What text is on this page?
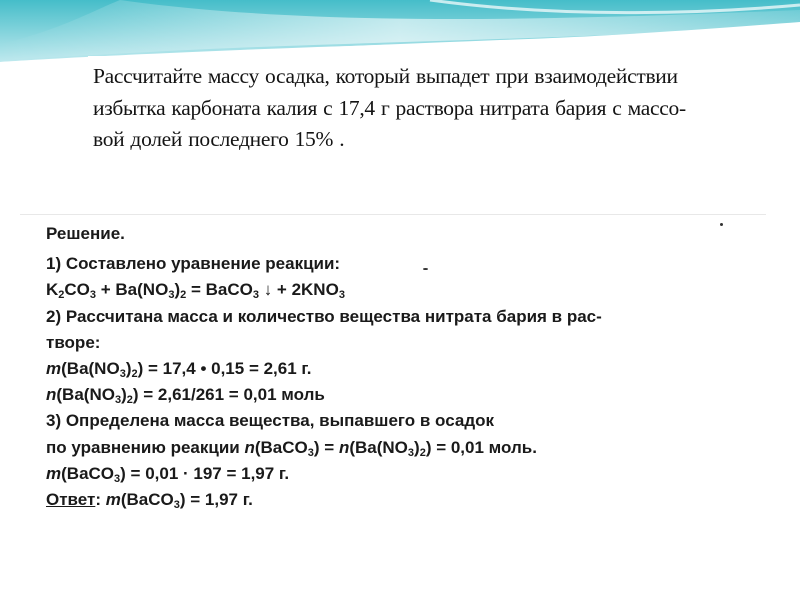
Рассчитайте массу осадка, который выпадет при взаимодействии
избытка карбоната калия с 17,4 г раствора нитрата бария с массо-
вой долей последнего 15% .
Решение.
1) Составлено уравнение реакции:
$K_2CO_3 + Ba(NO_3)_2$ = BaCO$_3$ ↓ + $2KNO_3$
2) Рассчитана масса и количество вещества нитрата бария в рас-
творе:
$m(Ba(NO_3)_2) = 17,4$ • 0,15 = 2,61 г.
$n(Ba(NO_3)_2) = 2,61/261 = 0,01$ моль
3) Определена масса вещества, выпавшего в осадок
по уравнению реакции n(BaCO$_3$) = $n(Ba(NO_3)_2) = 0,01$ моль.
m(BaCO$_3$) = 0,01 · 197 = 1,97 г.
Ответ: m(BaCO$_3$) = 1,97 г.
